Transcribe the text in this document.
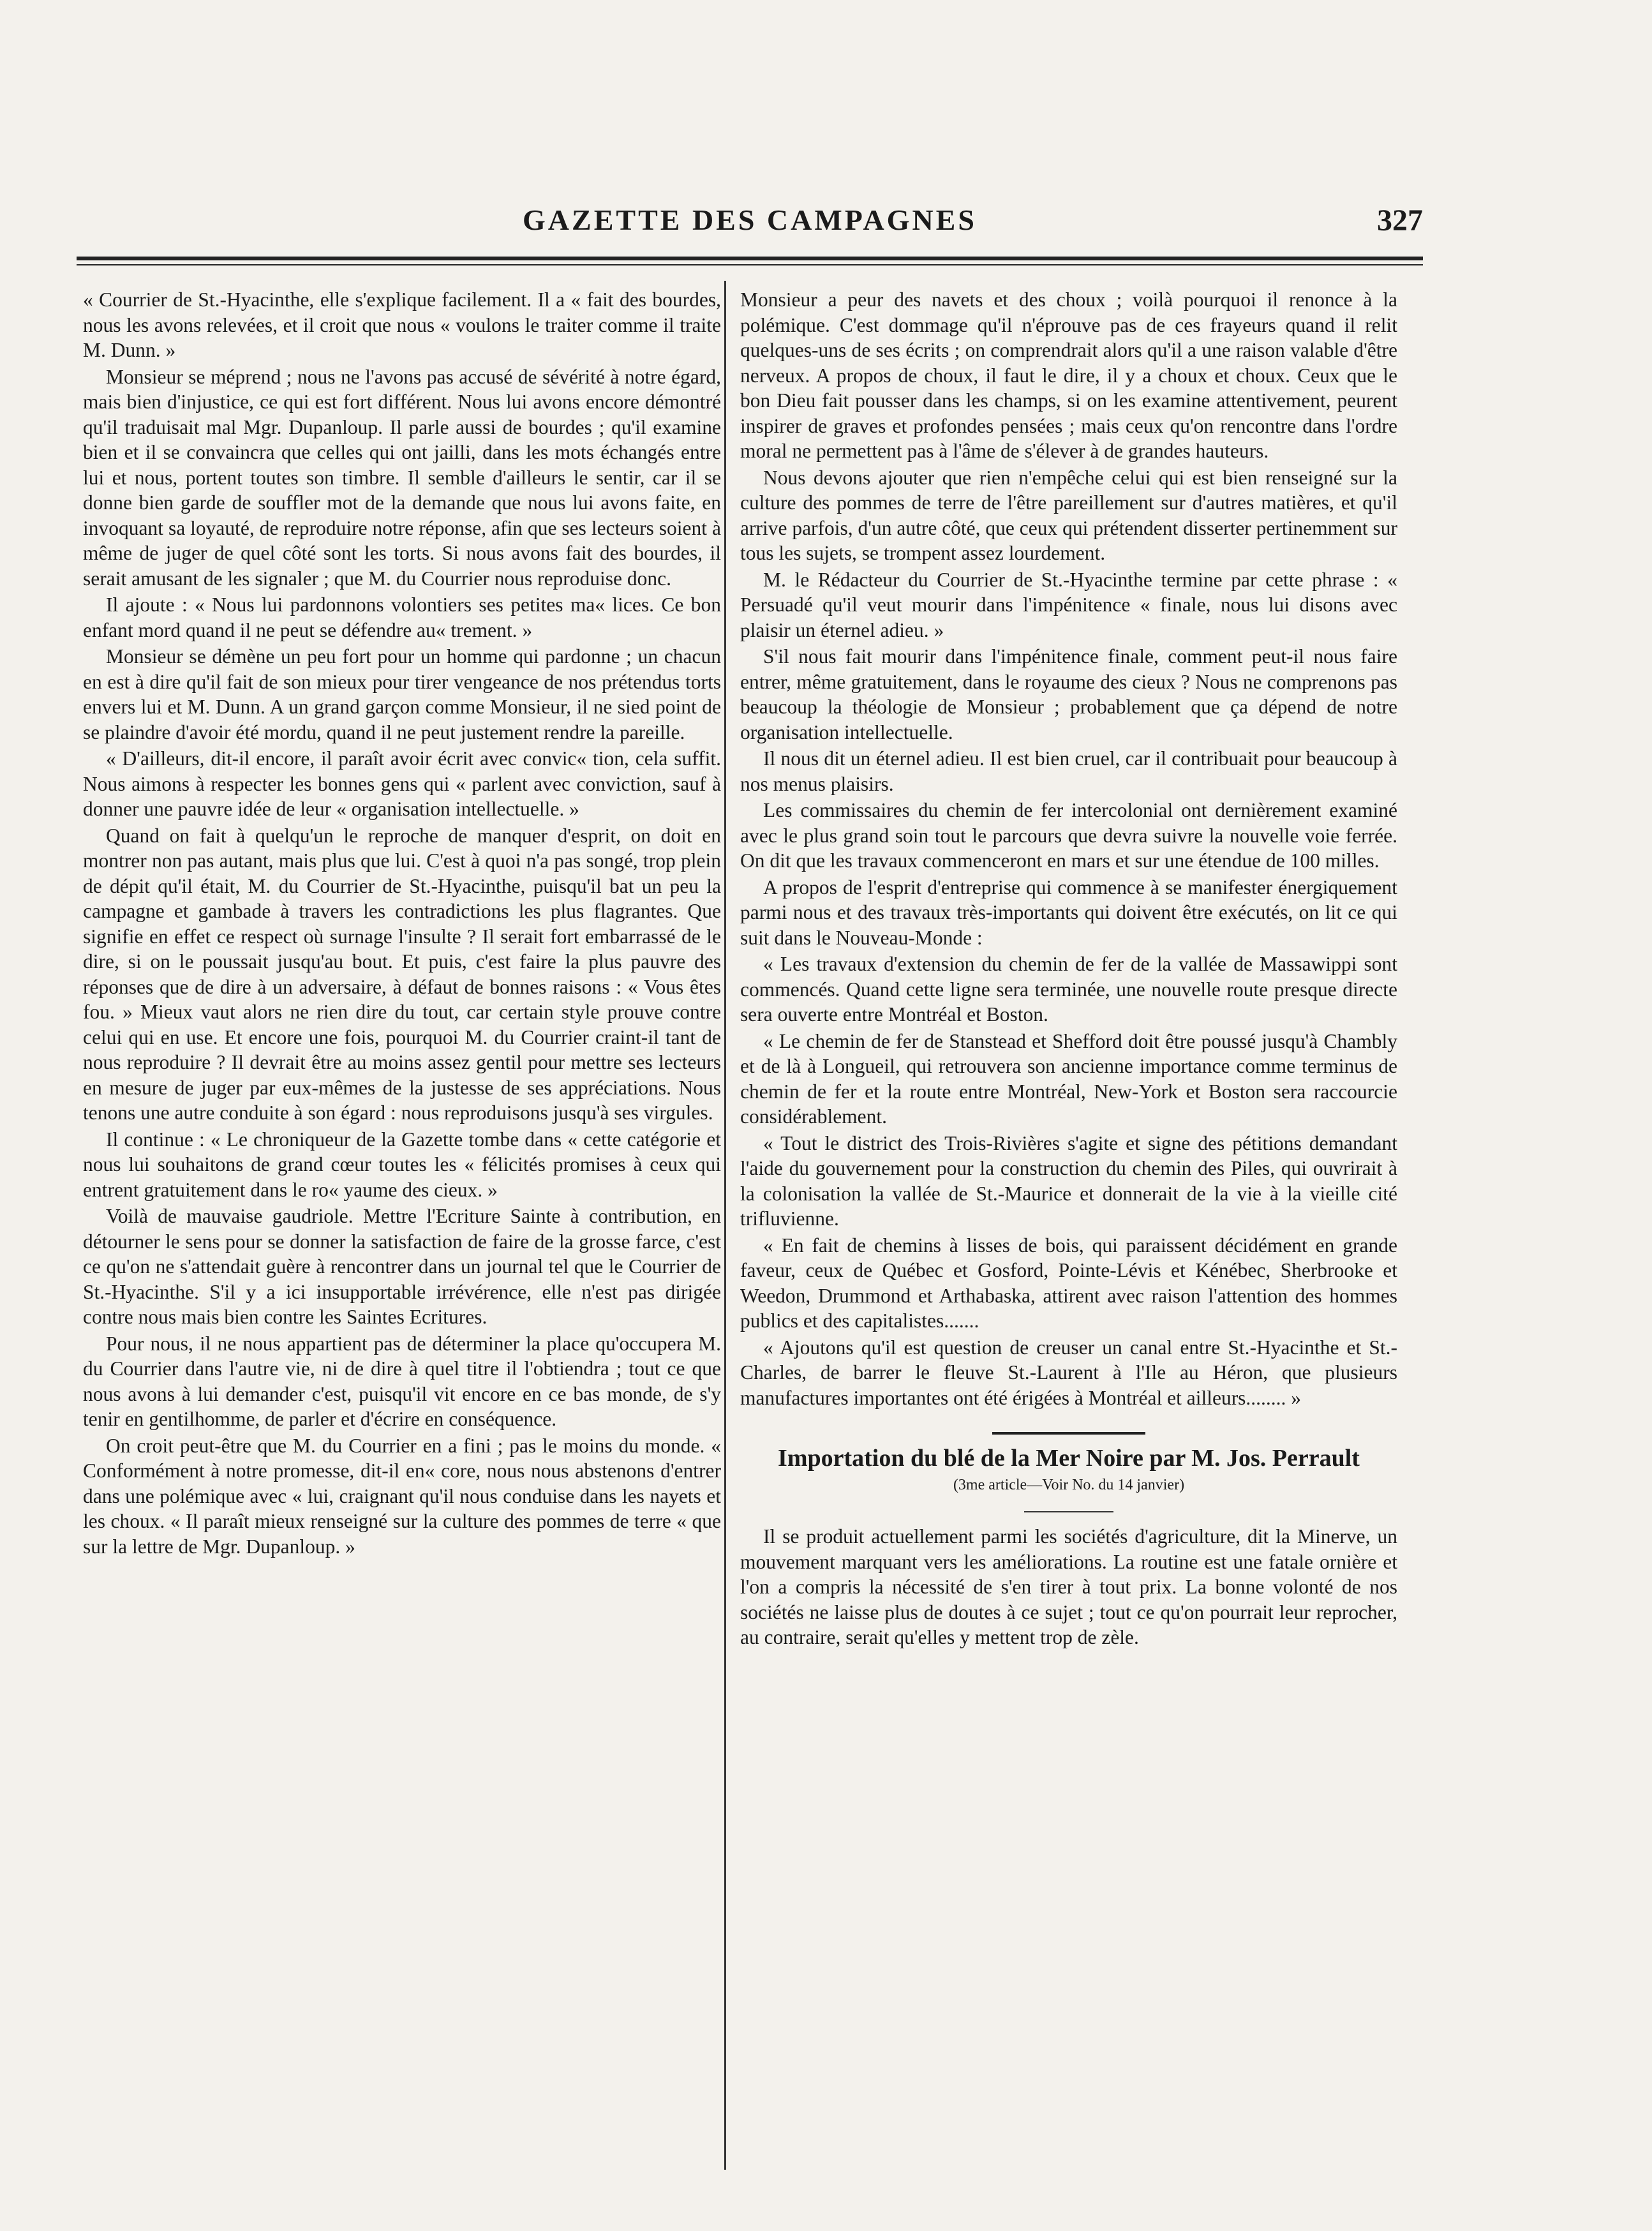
GAZETTE DES CAMPAGNES	327

« Courrier de St.-Hyacinthe, elle s'explique facilement. Il a « fait des bourdes, nous les avons relevées, et il croit que nous « voulons le traiter comme il traite M. Dunn. »

Monsieur se méprend ; nous ne l'avons pas accusé de sévérité à notre égard, mais bien d'injustice, ce qui est fort différent. Nous lui avons encore démontré qu'il traduisait mal Mgr. Dupanloup. Il parle aussi de bourdes ; qu'il examine bien et il se convaincra que celles qui ont jailli, dans les mots échangés entre lui et nous, portent toutes son timbre. Il semble d'ailleurs le sentir, car il se donne bien garde de souffler mot de la demande que nous lui avons faite, en invoquant sa loyauté, de reproduire notre réponse, afin que ses lecteurs soient à même de juger de quel côté sont les torts. Si nous avons fait des bourdes, il serait amusant de les signaler ; que M. du Courrier nous reproduise donc.

Il ajoute : « Nous lui pardonnons volontiers ses petites ma« lices. Ce bon enfant mord quand il ne peut se défendre au« trement. »

Monsieur se démène un peu fort pour un homme qui pardonne ; un chacun en est à dire qu'il fait de son mieux pour tirer vengeance de nos prétendus torts envers lui et M. Dunn. A un grand garçon comme Monsieur, il ne sied point de se plaindre d'avoir été mordu, quand il ne peut justement rendre la pareille.

« D'ailleurs, dit-il encore, il paraît avoir écrit avec convic« tion, cela suffit. Nous aimons à respecter les bonnes gens qui « parlent avec conviction, sauf à donner une pauvre idée de leur « organisation intellectuelle. »

Quand on fait à quelqu'un le reproche de manquer d'esprit, on doit en montrer non pas autant, mais plus que lui. C'est à quoi n'a pas songé, trop plein de dépit qu'il était, M. du Courrier de St.-Hyacinthe, puisqu'il bat un peu la campagne et gambade à travers les contradictions les plus flagrantes. Que signifie en effet ce respect où surnage l'insulte ? Il serait fort embarrassé de le dire, si on le poussait jusqu'au bout. Et puis, c'est faire la plus pauvre des réponses que de dire à un adversaire, à défaut de bonnes raisons : « Vous êtes fou. » Mieux vaut alors ne rien dire du tout, car certain style prouve contre celui qui en use. Et encore une fois, pourquoi M. du Courrier craint-il tant de nous reproduire ? Il devrait être au moins assez gentil pour mettre ses lecteurs en mesure de juger par eux-mêmes de la justesse de ses appréciations. Nous tenons une autre conduite à son égard : nous reproduisons jusqu'à ses virgules.

Il continue : « Le chroniqueur de la Gazette tombe dans « cette catégorie et nous lui souhaitons de grand cœur toutes les « félicités promises à ceux qui entrent gratuitement dans le ro« yaume des cieux. »

Voilà de mauvaise gaudriole. Mettre l'Ecriture Sainte à contribution, en détourner le sens pour se donner la satisfaction de faire de la grosse farce, c'est ce qu'on ne s'attendait guère à rencontrer dans un journal tel que le Courrier de St.-Hyacinthe. S'il y a ici insupportable irrévérence, elle n'est pas dirigée contre nous mais bien contre les Saintes Ecritures.

Pour nous, il ne nous appartient pas de déterminer la place qu'occupera M. du Courrier dans l'autre vie, ni de dire à quel titre il l'obtiendra ; tout ce que nous avons à lui demander c'est, puisqu'il vit encore en ce bas monde, de s'y tenir en gentilhomme, de parler et d'écrire en conséquence.

On croit peut-être que M. du Courrier en a fini ; pas le moins du monde. « Conformément à notre promesse, dit-il en« core, nous nous abstenons d'entrer dans une polémique avec « lui, craignant qu'il nous conduise dans les nayets et les choux. « Il paraît mieux renseigné sur la culture des pommes de terre « que sur la lettre de Mgr. Dupanloup. »

Monsieur a peur des navets et des choux ; voilà pourquoi il renonce à la polémique. C'est dommage qu'il n'éprouve pas de ces frayeurs quand il relit quelques-uns de ses écrits ; on comprendrait alors qu'il a une raison valable d'être nerveux. A propos de choux, il faut le dire, il y a choux et choux. Ceux que le bon Dieu fait pousser dans les champs, si on les examine attentivement, peurent inspirer de graves et profondes pensées ; mais ceux qu'on rencontre dans l'ordre moral ne permettent pas à l'âme de s'élever à de grandes hauteurs.

Nous devons ajouter que rien n'empêche celui qui est bien renseigné sur la culture des pommes de terre de l'être pareillement sur d'autres matières, et qu'il arrive parfois, d'un autre côté, que ceux qui prétendent disserter pertinemment sur tous les sujets, se trompent assez lourdement.

M. le Rédacteur du Courrier de St.-Hyacinthe termine par cette phrase : « Persuadé qu'il veut mourir dans l'impénitence « finale, nous lui disons avec plaisir un éternel adieu. »

S'il nous fait mourir dans l'impénitence finale, comment peut-il nous faire entrer, même gratuitement, dans le royaume des cieux ? Nous ne comprenons pas beaucoup la théologie de Monsieur ; probablement que ça dépend de notre organisation intellectuelle.

Il nous dit un éternel adieu. Il est bien cruel, car il contribuait pour beaucoup à nos menus plaisirs.

Les commissaires du chemin de fer intercolonial ont dernièrement examiné avec le plus grand soin tout le parcours que devra suivre la nouvelle voie ferrée. On dit que les travaux commenceront en mars et sur une étendue de 100 milles.

A propos de l'esprit d'entreprise qui commence à se manifester énergiquement parmi nous et des travaux très-importants qui doivent être exécutés, on lit ce qui suit dans le Nouveau-Monde :

« Les travaux d'extension du chemin de fer de la vallée de Massawippi sont commencés. Quand cette ligne sera terminée, une nouvelle route presque directe sera ouverte entre Montréal et Boston.

« Le chemin de fer de Stanstead et Shefford doit être poussé jusqu'à Chambly et de là à Longueil, qui retrouvera son ancienne importance comme terminus de chemin de fer et la route entre Montréal, New-York et Boston sera raccourcie considérablement.

« Tout le district des Trois-Rivières s'agite et signe des pétitions demandant l'aide du gouvernement pour la construction du chemin des Piles, qui ouvrirait à la colonisation la vallée de St.-Maurice et donnerait de la vie à la vieille cité trifluvienne.

« En fait de chemins à lisses de bois, qui paraissent décidément en grande faveur, ceux de Québec et Gosford, Pointe-Lévis et Kénébec, Sherbrooke et Weedon, Drummond et Arthabaska, attirent avec raison l'attention des hommes publics et des capitalistes.......

« Ajoutons qu'il est question de creuser un canal entre St.-Hyacinthe et St.-Charles, de barrer le fleuve St.-Laurent à l'Ile au Héron, que plusieurs manufactures importantes ont été érigées à Montréal et ailleurs........ »

Importation du blé de la Mer Noire par M. Jos. Perrault
(3me article—Voir No. du 14 janvier)

Il se produit actuellement parmi les sociétés d'agriculture, dit la Minerve, un mouvement marquant vers les améliorations. La routine est une fatale ornière et l'on a compris la nécessité de s'en tirer à tout prix. La bonne volonté de nos sociétés ne laisse plus de doutes à ce sujet ; tout ce qu'on pourrait leur reprocher, au contraire, serait qu'elles y mettent trop de zèle.
